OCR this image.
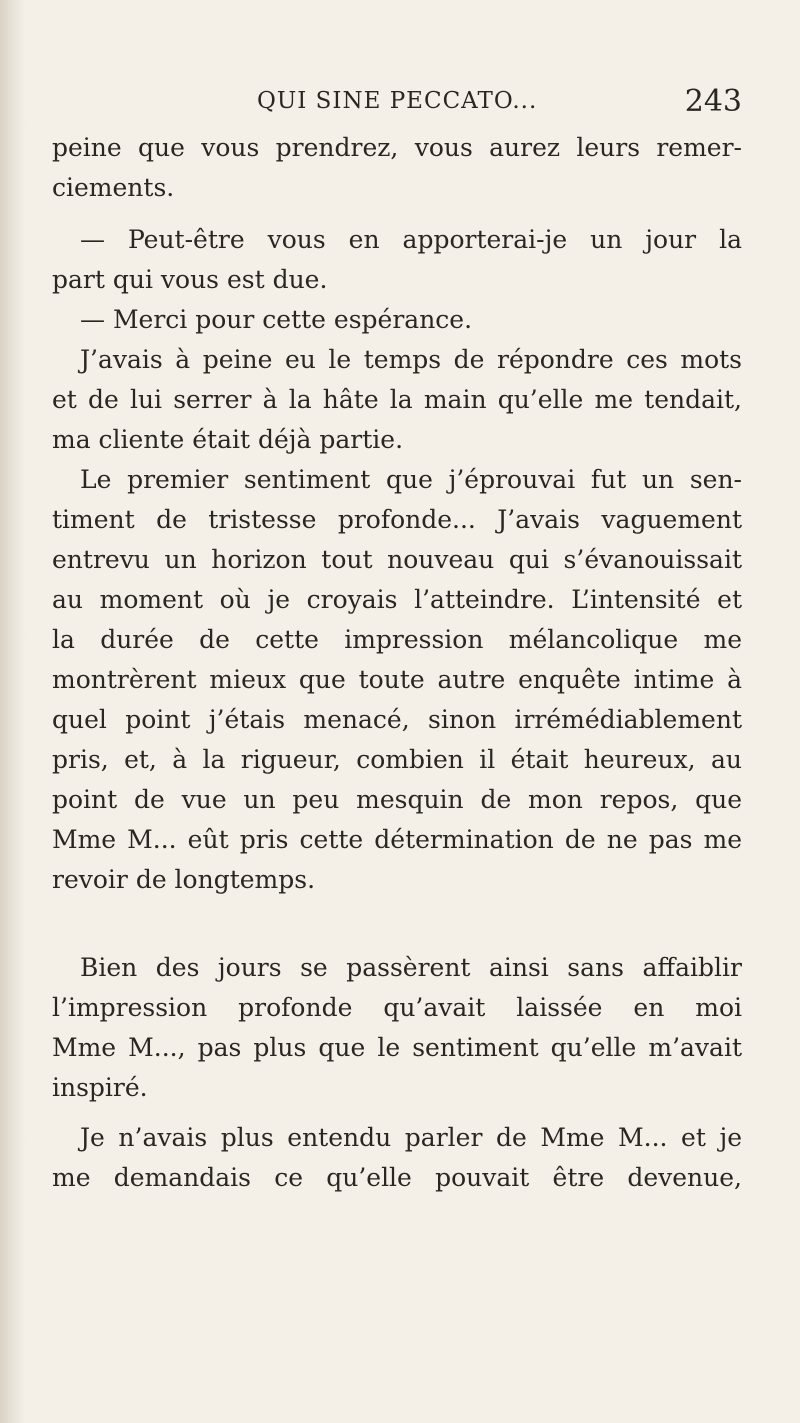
QUI SINE PECCATO...	243

peine que vous prendrez, vous aurez leurs remer-
ciements.

— Peut-être vous en apporterai-je un jour la
part qui vous est due.

— Merci pour cette espérance.

J’avais à peine eu le temps de répondre ces mots
et de lui serrer à la hâte la main qu’elle me tendait,
ma cliente était déjà partie.

Le premier sentiment que j’éprouvai fut un sen-
timent de tristesse profonde... J’avais vaguement
entrevu un horizon tout nouveau qui s’évanouissait
au moment où je croyais l’atteindre. L’intensité et
la durée de cette impression mélancolique me
montrèrent mieux que toute autre enquête intime à
quel point j’étais menacé, sinon irrémédiablement
pris, et, à la rigueur, combien il était heureux, au
point de vue un peu mesquin de mon repos, que
Mme M... eût pris cette détermination de ne pas me
revoir de longtemps.

Bien des jours se passèrent ainsi sans affaiblir
l’impression profonde qu’avait laissée en moi
Mme M..., pas plus que le sentiment qu’elle m’avait
inspiré.

Je n’avais plus entendu parler de Mme M... et je
me demandais ce qu’elle pouvait être devenue,
